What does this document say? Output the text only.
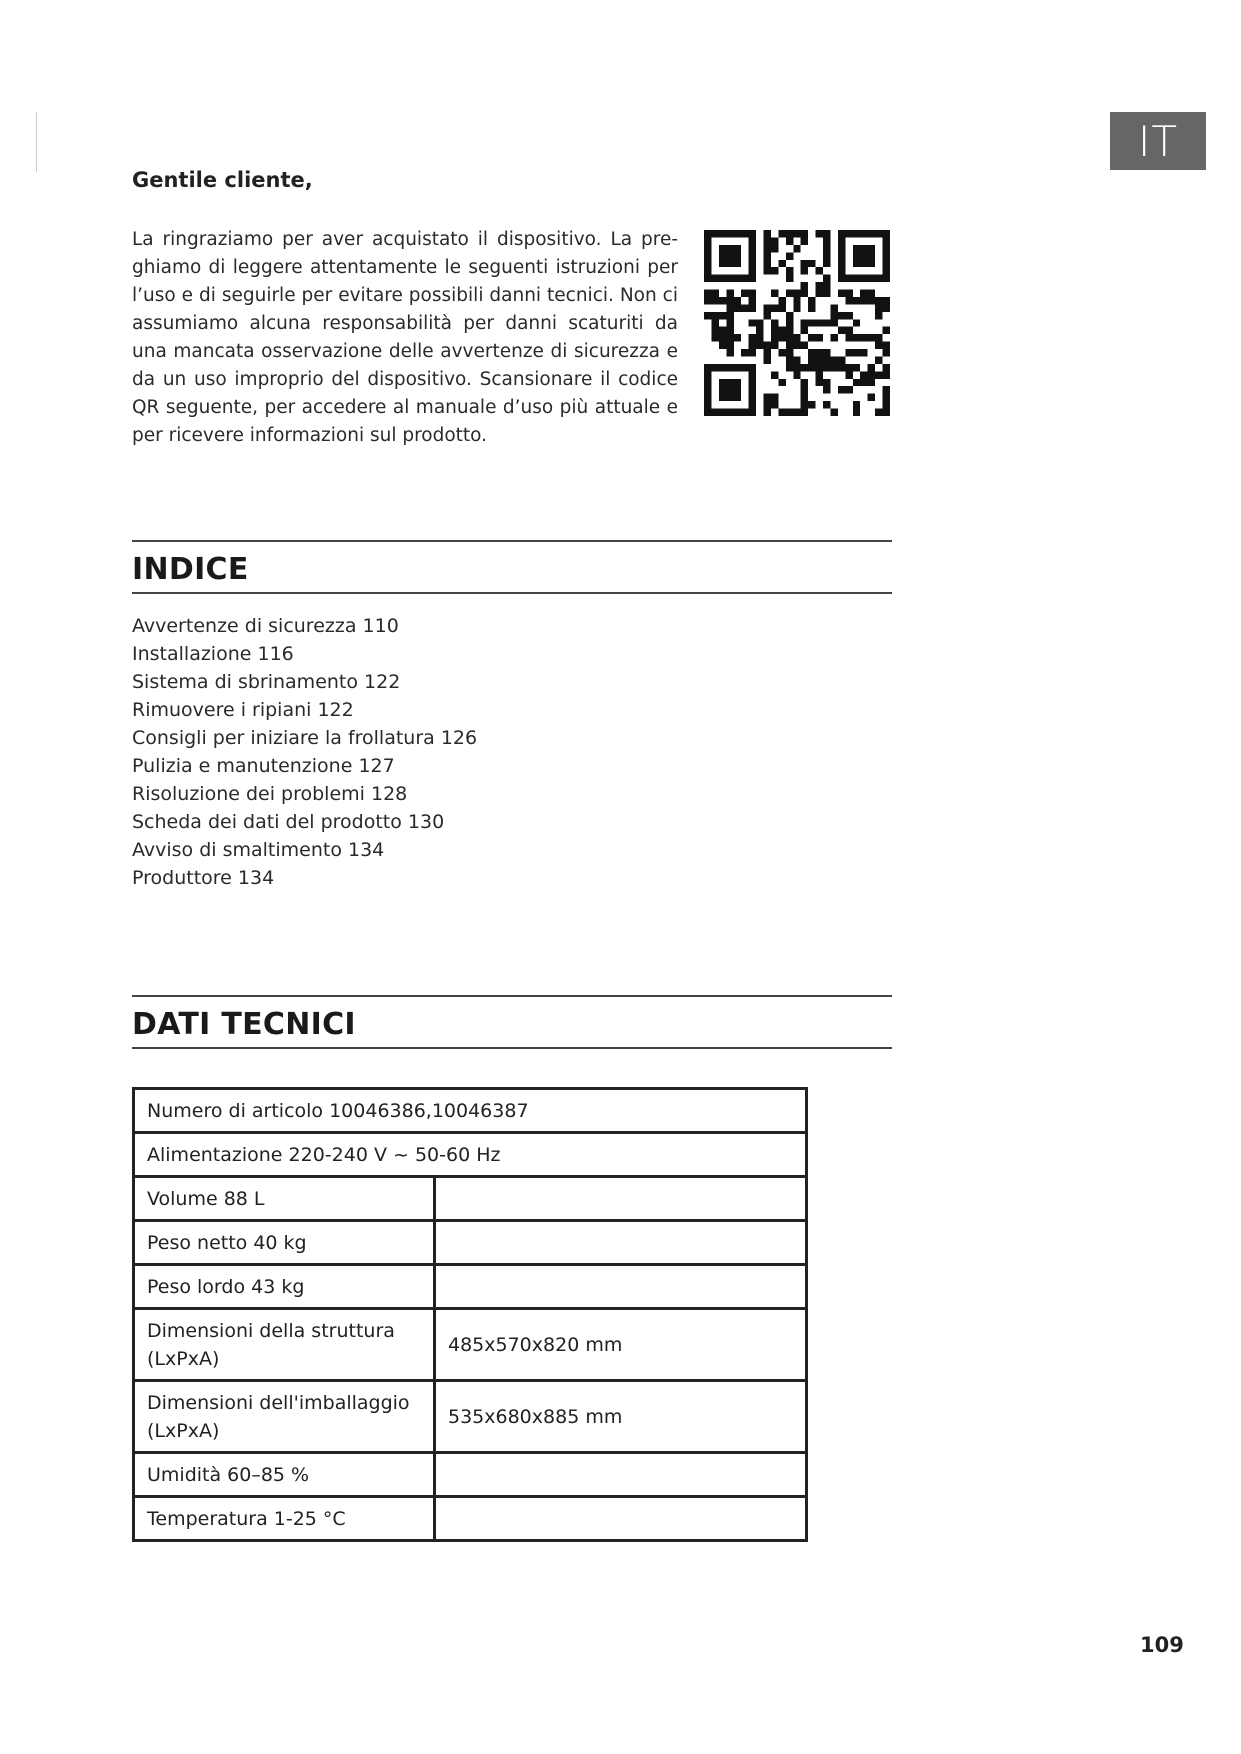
IT
Gentile cliente,
La ringraziamo per aver acquistato il dispositivo. La pre- ghiamo di leggere attentamente le seguenti istruzioni per l’uso e di seguirle per evitare possibili danni tecnici. Non ci assumiamo alcuna responsabilità per danni scaturiti da una mancata osservazione delle avvertenze di sicurezza e da un uso improprio del dispositivo. Scansionare il codice QR seguente, per accedere al manuale d’uso più attuale e per ricevere informazioni sul prodotto.
INDICE
Avvertenze di sicurezza 110
Installazione 116
Sistema di sbrinamento 122
Rimuovere i ripiani 122
Consigli per iniziare la frollatura 126
Pulizia e manutenzione 127
Risoluzione dei problemi 128
Scheda dei dati del prodotto 130
Avviso di smaltimento 134
Produttore 134
DATI TECNICI
Numero di articolo 10046386,10046387	
Alimentazione 220-240 V ~ 50-60 Hz	
Volume 88 L	
Peso netto 40 kg	
Peso lordo 43 kg	
Dimensioni della struttura (LxPxA)	485x570x820 mm
Dimensioni dell'imballaggio (LxPxA)	535x680x885 mm
Umidità 60–85 %	
Temperatura 1-25 °C	
109
